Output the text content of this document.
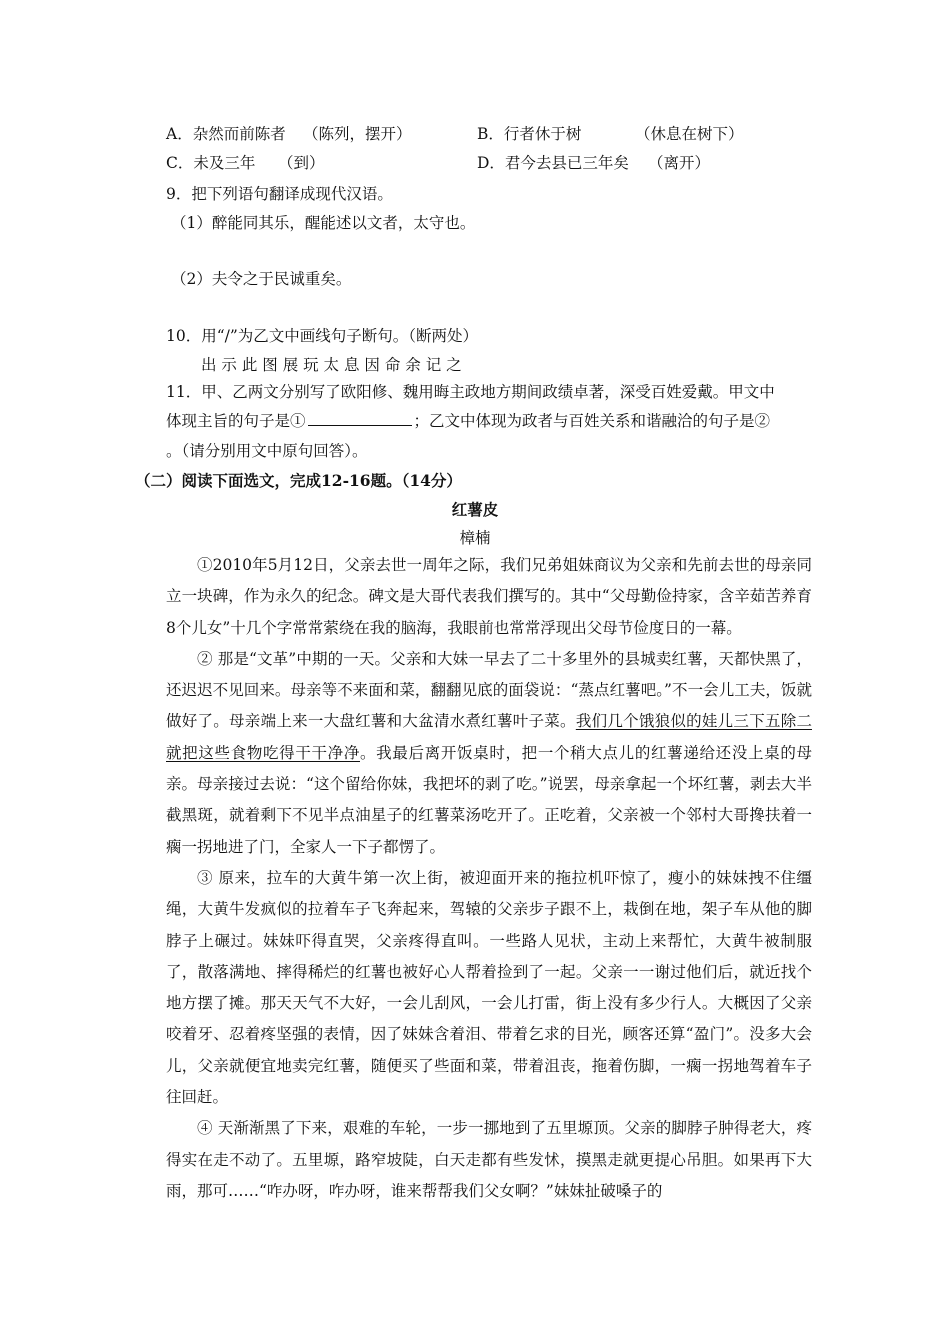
A．杂然而前陈者 （陈列，摆开）	B．行者休于树	（休息在树下）
C．未及三年 （到）	D．君今去县已三年矣 （离开）
9．把下列语句翻译成现代汉语。
（1）醉能同其乐，醒能述以文者，太守也。
（2）夫令之于民诚重矣。
10．用“/”为乙文中画线句子断句。（断两处）
出 示 此 图 展 玩 太 息 因 命 余 记 之
11．甲、乙两文分别写了欧阳修、魏用晦主政地方期间政绩卓著，深受百姓爱戴。甲文中
体现主旨的句子是①	；乙文中体现为政者与百姓关系和谐融洽的句子是②
。（请分别用文中原句回答）。
（二）阅读下面选文，完成12-16题。（14分）
红薯皮
樟楠

①2010年5月12日，父亲去世一周年之际，我们兄弟姐妹商议为父亲和先前去世的母亲同立一块碑，作为永久的纪念。碑文是大哥代表我们撰写的。其中“父母勤俭持家，含辛茹苦养育8个儿女”十几个字常常萦绕在我的脑海，我眼前也常常浮现出父母节俭度日的一幕。

② 那是“文革”中期的一天。父亲和大妹一早去了二十多里外的县城卖红薯，天都快黑了，还迟迟不见回来。母亲等不来面和菜，翻翻见底的面袋说：“蒸点红薯吧。”不一会儿工夫，饭就做好了。母亲端上来一大盘红薯和大盆清水煮红薯叶子菜。我们几个饿狼似的娃儿三下五除二就把这些食物吃得干干净净。我最后离开饭桌时，把一个稍大点儿的红薯递给还没上桌的母亲。母亲接过去说：“这个留给你妹，我把坏的剥了吃。”说罢，母亲拿起一个坏红薯，剥去大半截黑斑，就着剩下不见半点油星子的红薯菜汤吃开了。正吃着，父亲被一个邻村大哥搀扶着一瘸一拐地进了门，全家人一下子都愣了。

③ 原来，拉车的大黄牛第一次上街，被迎面开来的拖拉机吓惊了，瘦小的妹妹拽不住缰绳，大黄牛发疯似的拉着车子飞奔起来，驾辕的父亲步子跟不上，栽倒在地，架子车从他的脚脖子上碾过。妹妹吓得直哭，父亲疼得直叫。一些路人见状，主动上来帮忙，大黄牛被制服了，散落满地、摔得稀烂的红薯也被好心人帮着捡到了一起。父亲一一谢过他们后，就近找个地方摆了摊。那天天气不大好，一会儿刮风，一会儿打雷，街上没有多少行人。大概因了父亲咬着牙、忍着疼坚强的表情，因了妹妹含着泪、带着乞求的目光，顾客还算“盈门”。没多大会儿，父亲就便宜地卖完红薯，随便买了些面和菜，带着沮丧，拖着伤脚，一瘸一拐地驾着车子往回赶。

④ 天渐渐黑了下来，艰难的车轮，一步一挪地到了五里塬顶。父亲的脚脖子肿得老大，疼得实在走不动了。五里塬，路窄坡陡，白天走都有些发怵，摸黑走就更提心吊胆。如果再下大雨，那可……“咋办呀，咋办呀，谁来帮帮我们父女啊？”妹妹扯破嗓子的
